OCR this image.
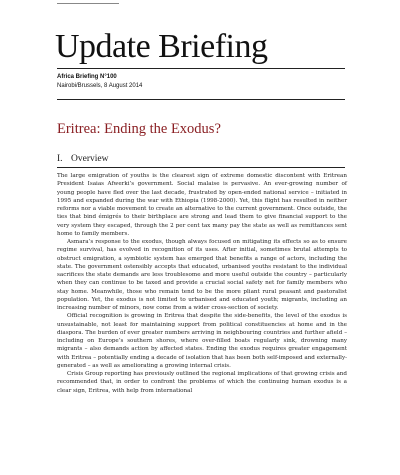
Update Briefing
Africa Briefing N°100
Nairobi/Brussels, 8 August 2014
Eritrea: Ending the Exodus?
I. Overview

The large emigration of youths is the clearest sign of extreme domestic discontent with Eritrean President Isaias Afwerki’s government. Social malaise is pervasive. An ever-growing number of young people have fled over the last decade, frustrated by open-ended national service – initiated in 1995 and expanded during the war with Ethiopia (1998-2000). Yet, this flight has resulted in neither reforms nor a viable movement to create an alternative to the current government. Once outside, the ties that bind émigrés to their birthplace are strong and lead them to give financial support to the very system they escaped, through the 2 per cent tax many pay the state as well as remittances sent home to family members.

Asmara’s response to the exodus, though always focused on mitigating its effects so as to ensure regime survival, has evolved in recognition of its uses. After initial, sometimes brutal attempts to obstruct emigration, a symbiotic system has emerged that benefits a range of actors, including the state. The government ostensibly accepts that educated, urbanised youths resistant to the individual sacrifices the state demands are less troublesome and more useful outside the country – particularly when they can continue to be taxed and provide a crucial social safety net for family members who stay home. Meanwhile, those who remain tend to be the more pliant rural peasant and pastoralist population. Yet, the exodus is not limited to urbanised and educated youth; migrants, including an increasing number of minors, now come from a wider cross-section of society.

Official recognition is growing in Eritrea that despite the side-benefits, the level of the exodus is unsustainable, not least for maintaining support from political constituencies at home and in the diaspora. The burden of ever greater numbers arriving in neighbouring countries and further afield – including on Europe’s southern shores, where over-filled boats regularly sink, drowning many migrants – also demands action by affected states. Ending the exodus requires greater engagement with Eritrea – potentially ending a decade of isolation that has been both self-imposed and externally-generated – as well as ameliorating a growing internal crisis.

Crisis Group reporting has previously outlined the regional implications of that growing crisis and recommended that, in order to confront the problems of which the continuing human exodus is a clear sign, Eritrea, with help from international
